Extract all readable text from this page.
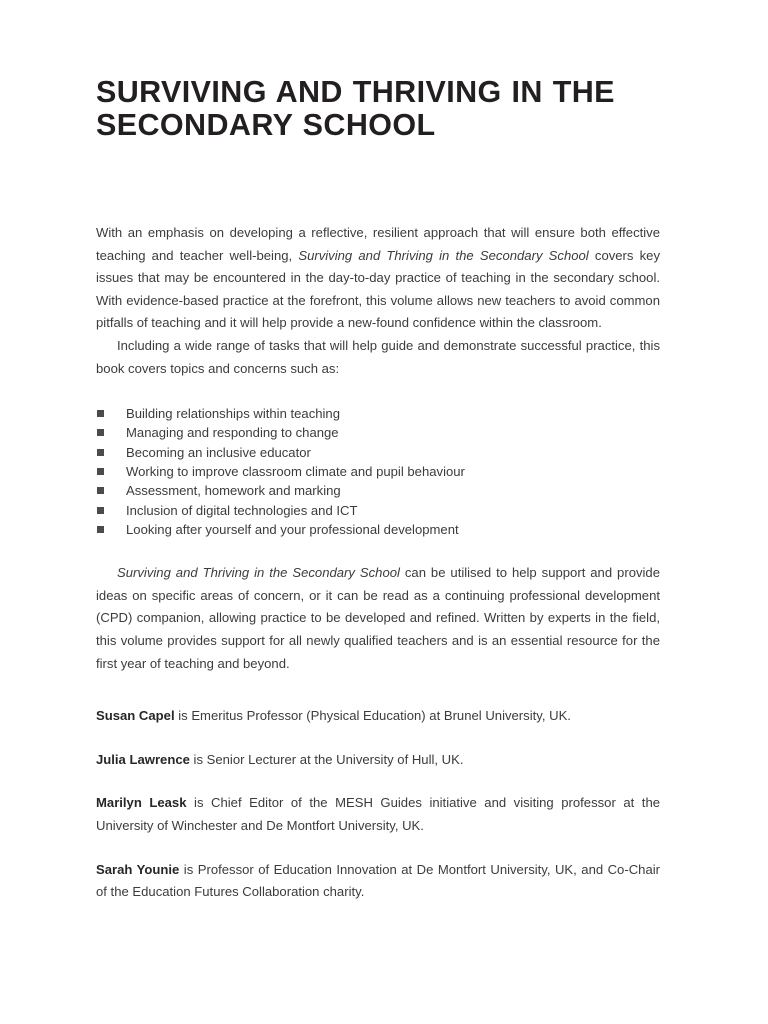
SURVIVING AND THRIVING IN THE SECONDARY SCHOOL

With an emphasis on developing a reflective, resilient approach that will ensure both effective teaching and teacher well-being, Surviving and Thriving in the Secondary School covers key issues that may be encountered in the day-to-day practice of teaching in the secondary school. With evidence-based practice at the forefront, this volume allows new teachers to avoid common pitfalls of teaching and it will help provide a new-found confidence within the classroom.

Including a wide range of tasks that will help guide and demonstrate successful practice, this book covers topics and concerns such as:

Building relationships within teaching
Managing and responding to change
Becoming an inclusive educator
Working to improve classroom climate and pupil behaviour
Assessment, homework and marking
Inclusion of digital technologies and ICT
Looking after yourself and your professional development

Surviving and Thriving in the Secondary School can be utilised to help support and provide ideas on specific areas of concern, or it can be read as a continuing professional development (CPD) companion, allowing practice to be developed and refined. Written by experts in the field, this volume provides support for all newly qualified teachers and is an essential resource for the first year of teaching and beyond.

Susan Capel is Emeritus Professor (Physical Education) at Brunel University, UK.

Julia Lawrence is Senior Lecturer at the University of Hull, UK.

Marilyn Leask is Chief Editor of the MESH Guides initiative and visiting professor at the University of Winchester and De Montfort University, UK.

Sarah Younie is Professor of Education Innovation at De Montfort University, UK, and Co-Chair of the Education Futures Collaboration charity.
